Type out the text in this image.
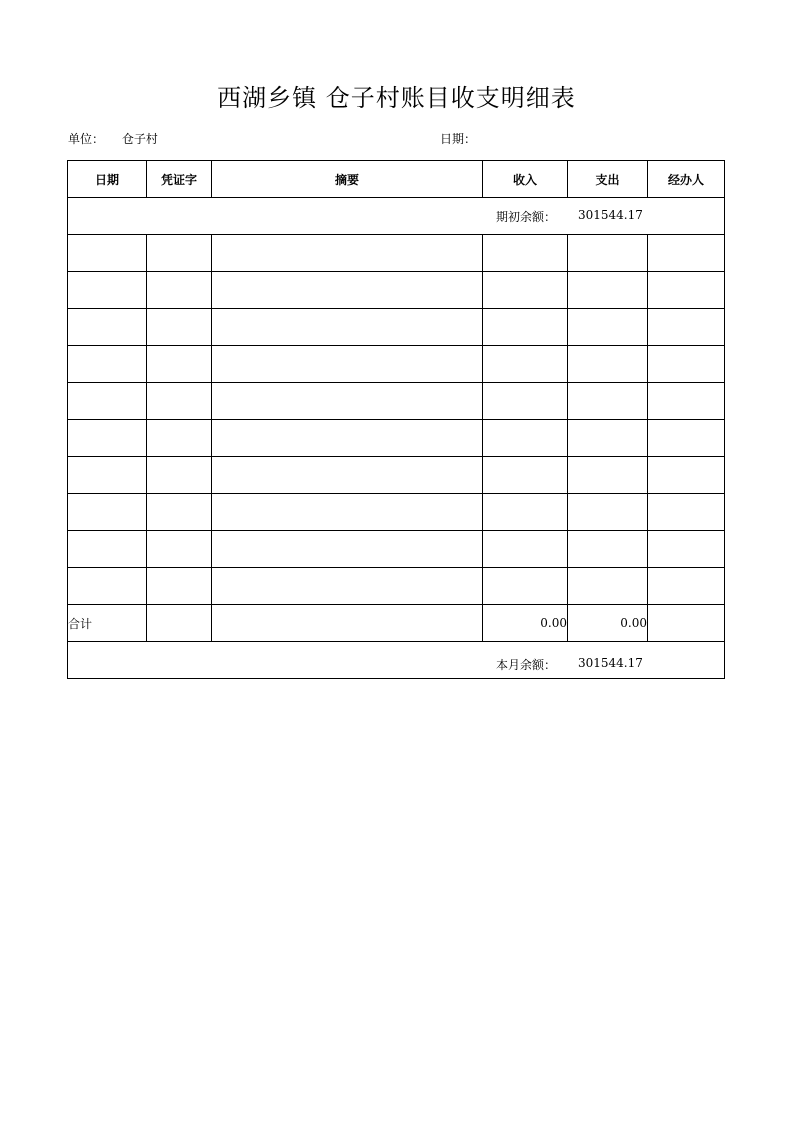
西湖乡镇 仓子村账目收支明细表
单位： 仓子村	日期：
日期	凭证字	摘要	收入	支出	经办人

期初余额： 301544.17					

合计			0.00	0.00	

本月余额： 301544.17					
